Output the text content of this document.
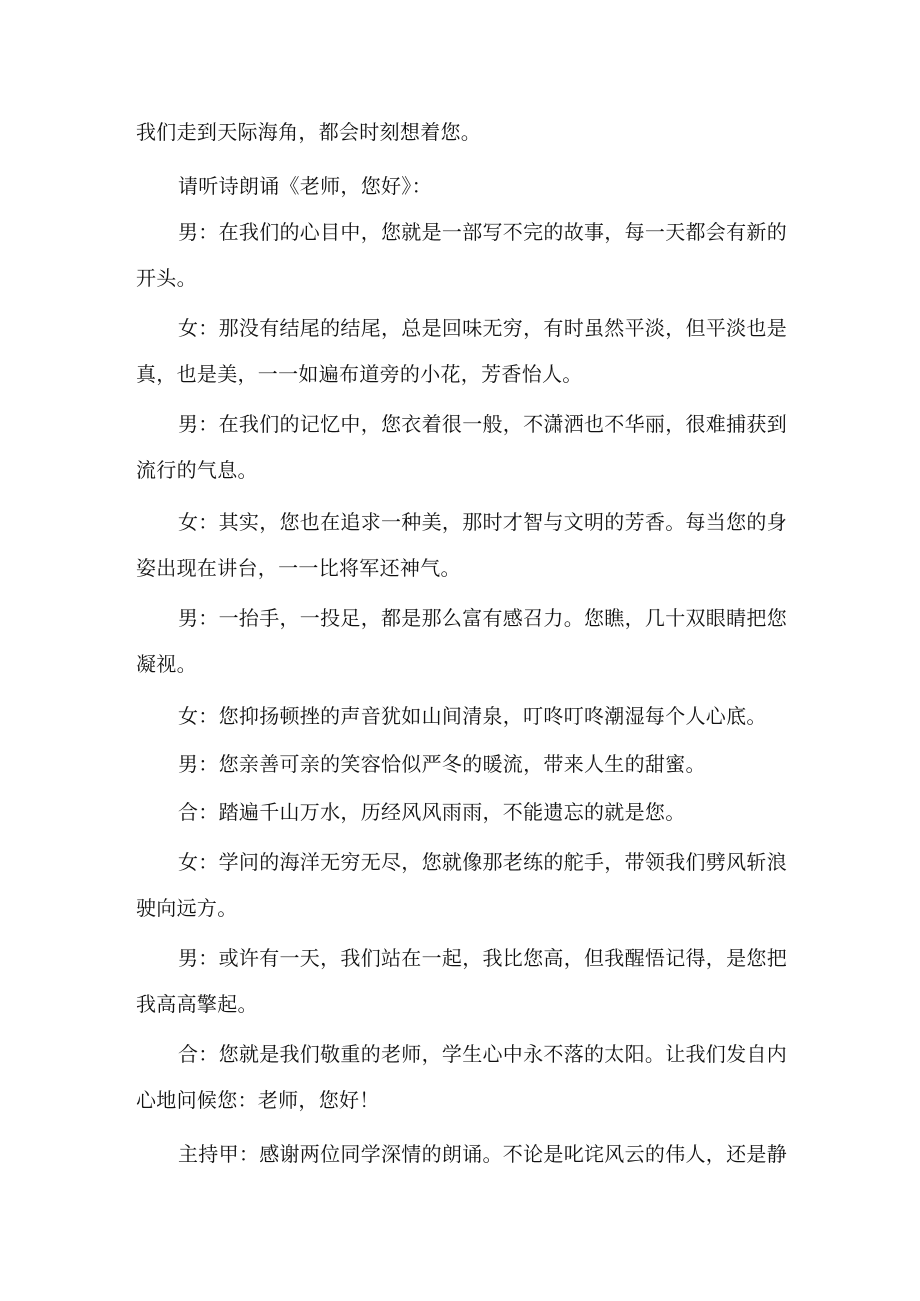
我们走到天际海角，都会时刻想着您。
请听诗朗诵《老师，您好》：
男：在我们的心目中，您就是一部写不完的故事，每一天都会有新的
开头。
女：那没有结尾的结尾，总是回味无穷，有时虽然平淡，但平淡也是
真，也是美，一一如遍布道旁的小花，芳香怡人。
男：在我们的记忆中，您衣着很一般，不潇洒也不华丽，很难捕获到
流行的气息。
女：其实，您也在追求一种美，那时才智与文明的芳香。每当您的身
姿出现在讲台，一一比将军还神气。
男：一抬手，一投足，都是那么富有感召力。您瞧，几十双眼睛把您
凝视。
女：您抑扬顿挫的声音犹如山间清泉，叮咚叮咚潮湿每个人心底。
男：您亲善可亲的笑容恰似严冬的暖流，带来人生的甜蜜。
合：踏遍千山万水，历经风风雨雨，不能遗忘的就是您。
女：学问的海洋无穷无尽，您就像那老练的舵手，带领我们劈风斩浪
驶向远方。
男：或许有一天，我们站在一起，我比您高，但我醒悟记得，是您把
我高高擎起。
合：您就是我们敬重的老师，学生心中永不落的太阳。让我们发自内
心地问候您：老师，您好！
主持甲：感谢两位同学深情的朗诵。不论是叱诧风云的伟人，还是静
